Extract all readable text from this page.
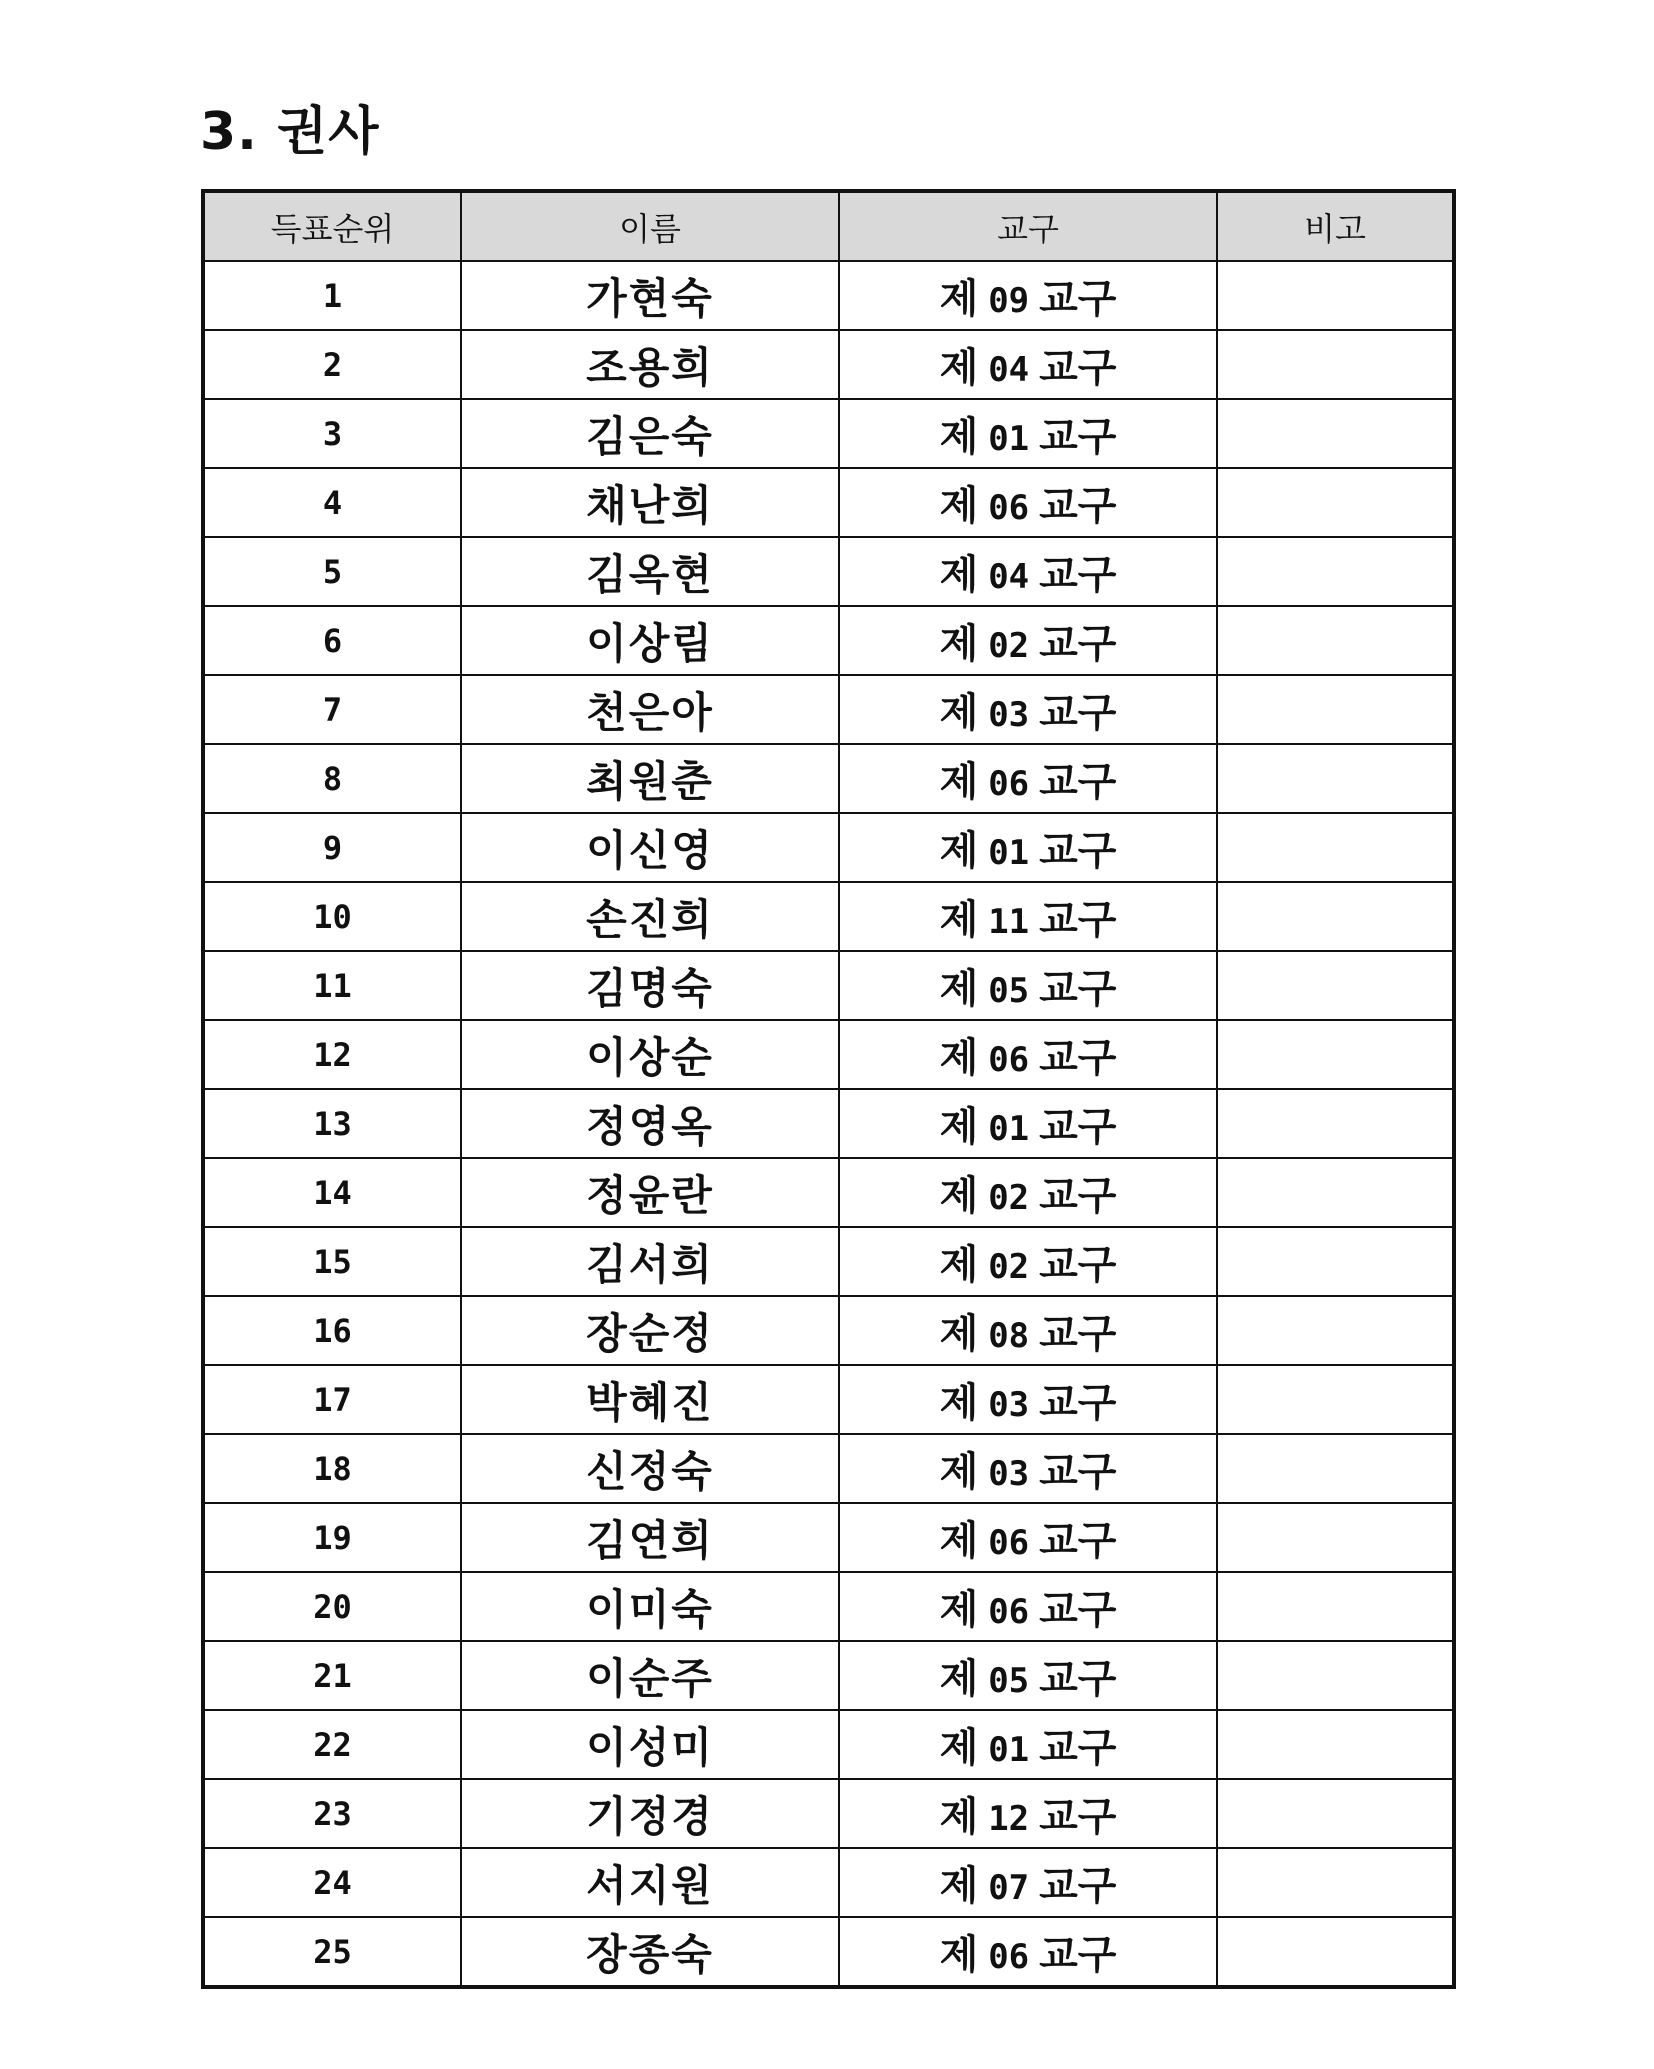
3. 권사
득표순위	이름	교구	비고
1	가현숙	제 09 교구	
2	조용희	제 04 교구	
3	김은숙	제 01 교구	
4	채난희	제 06 교구	
5	김옥현	제 04 교구	
6	이상림	제 02 교구	
7	천은아	제 03 교구	
8	최원춘	제 06 교구	
9	이신영	제 01 교구	
10	손진희	제 11 교구	
11	김명숙	제 05 교구	
12	이상순	제 06 교구	
13	정영옥	제 01 교구	
14	정윤란	제 02 교구	
15	김서희	제 02 교구	
16	장순정	제 08 교구	
17	박혜진	제 03 교구	
18	신정숙	제 03 교구	
19	김연희	제 06 교구	
20	이미숙	제 06 교구	
21	이순주	제 05 교구	
22	이성미	제 01 교구	
23	기정경	제 12 교구	
24	서지원	제 07 교구	
25	장종숙	제 06 교구	
